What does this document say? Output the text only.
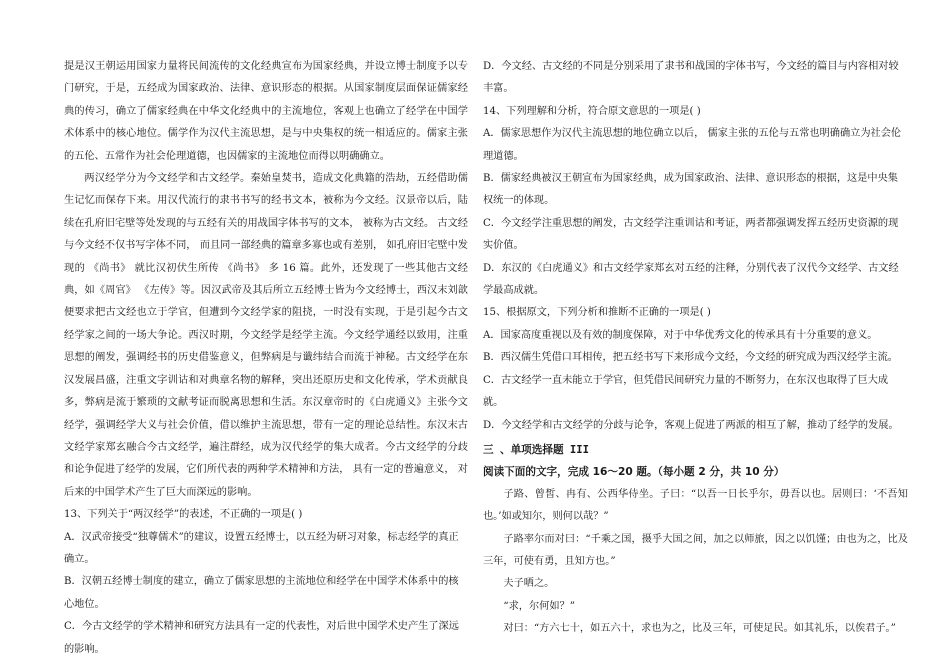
提是汉王朝运用国家力量将民间流传的文化经典宣布为国家经典，并设立博士制度予以专门研究，于是，五经成为国家政治、法律、意识形态的根据。从国家制度层面保证儒家经典的传习，确立了儒家经典在中华文化经典中的主流地位，客观上也确立了经学在中国学术体系中的核心地位。儒学作为汉代主流思想，是与中央集权的统一相适应的。儒家主张的五伦、五常作为社会伦理道德，也因儒家的主流地位而得以明确确立。

两汉经学分为今文经学和古文经学。秦始皇焚书，造成文化典籍的浩劫，五经借助儒生记忆而保存下来。用汉代流行的隶书书写的经书文本，被称为今文经。汉景帝以后，陆续在孔府旧宅壁等处发现的与五经有关的用战国字体书写的文本， 被称为古文经。 古文经与今文经不仅书写字体不同， 而且同一部经典的篇章多寡也或有差别， 如孔府旧宅壁中发现的 《尚书》 就比汉初伏生所传 《尚书》 多 16 篇。此外，还发现了一些其他古文经典，如《周官》 《左传》等。因汉武帝及其后所立五经博士皆为今文经博士，西汉末刘歆便要求把古文经也立于学官，但遭到今文经学家的阻挠，一时没有实现，于是引起今古文经学家之间的一场大争论。西汉时期，今文经学是经学主流。今文经学通经以致用，注重思想的阐发，强调经书的历史借鉴意义，但弊病是与谶纬结合而流于神秘。古文经学在东汉发展昌盛，注重文字训诂和对典章名物的解释，突出还原历史和文化传承，学术贡献良多，弊病是流于繁琐的文献考证而脱离思想和生活。东汉章帝时的《白虎通义》主张今文经学，强调经学大义与社会价值，借以维护主流思想，带有一定的理论总结性。东汉末古文经学家郑玄融合今古文经学，遍注群经，成为汉代经学的集大成者。今古文经学的分歧和论争促进了经学的发展，它们所代表的两种学术精神和方法， 具有一定的普遍意义， 对后来的中国学术产生了巨大而深远的影响。

13、下列关于“两汉经学”的表述，不正确的一项是( )

A．汉武帝接受“独尊儒术”的建议，设置五经博士，以五经为研习对象，标志经学的真正确立。

B．汉朝五经博士制度的建立，确立了儒家思想的主流地位和经学在中国学术体系中的核心地位。

C．今古文经学的学术精神和研究方法具有一定的代表性，对后世中国学术史产生了深远的影响。

D．今文经、古文经的不同是分别采用了隶书和战国的字体书写，今文经的篇目与内容相对较丰富。

14、下列理解和分析，符合原文意思的一项是( )

A．儒家思想作为汉代主流思想的地位确立以后， 儒家主张的五伦与五常也明确确立为社会伦理道德。

B．儒家经典被汉王朝宣布为国家经典，成为国家政治、法律、意识形态的根据，这是中央集权统一的体现。

C．今文经学注重思想的阐发，古文经学注重训诂和考证，两者都强调发挥五经历史资源的现实价值。

D．东汉的《白虎通义》和古文经学家郑玄对五经的注释，分别代表了汉代今文经学、古文经学最高成就。

15、根据原文，下列分析和推断不正确的一项是( )

A．国家高度重视以及有效的制度保障，对于中华优秀文化的传承具有十分重要的意义。

B．西汉儒生凭借口耳相传，把五经书写下来形成今文经，今文经的研究成为西汉经学主流。

C．古文经学一直未能立于学官，但凭借民间研究力量的不断努力，在东汉也取得了巨大成就。

D．今文经学和古文经学的分歧与论争，客观上促进了两派的相互了解，推动了经学的发展。

三 、单项选择题 III

阅读下面的文字，完成 16～20 题。（每小题 2 分，共 10 分）

子路、曾皙、冉有、公西华侍坐。子曰：“以吾一日长乎尔，毋吾以也。居则曰：‘不吾知也。’如或知尔，则何以哉？”

子路率尔而对曰：“千乘之国，摄乎大国之间，加之以师旅，因之以饥馑；由也为之，比及三年，可使有勇，且知方也。”

夫子哂之。

“求，尔何如？”

对曰：“方六七十，如五六十，求也为之，比及三年，可使足民。如其礼乐，以俟君子。”
